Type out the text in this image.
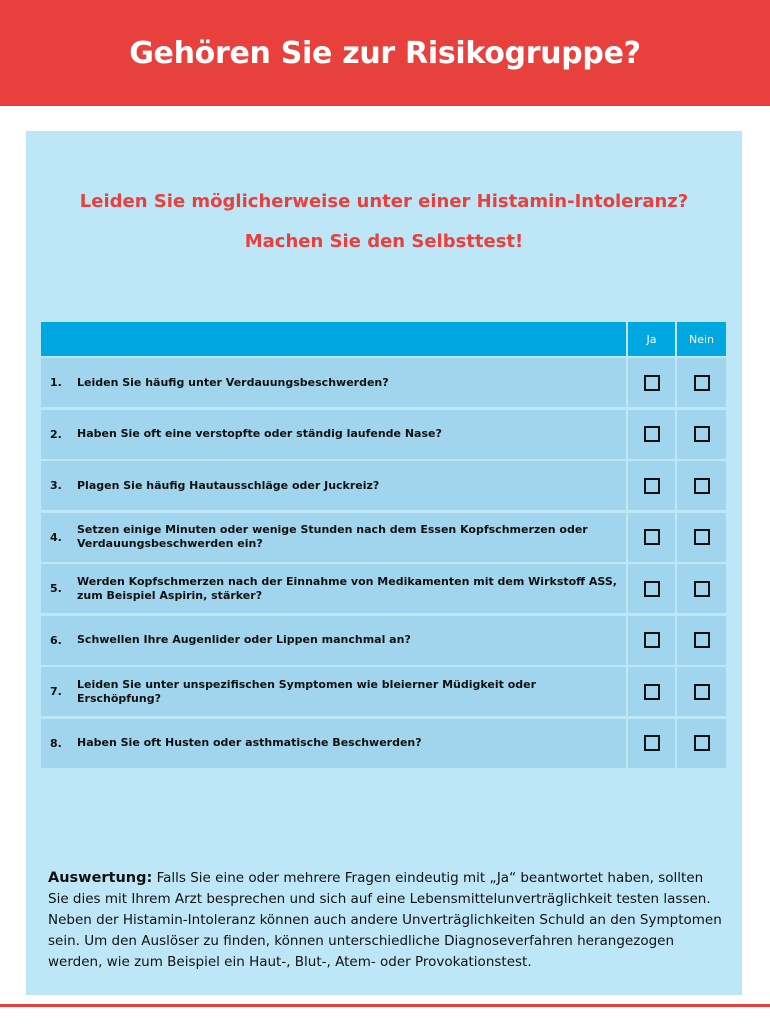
Gehören Sie zur Risikogruppe?

Leiden Sie möglicherweise unter einer Histamin-Intoleranz?

Machen Sie den Selbsttest!

Ja	Nein
1.	Leiden Sie häufig unter Verdauungsbeschwerden?
2.	Haben Sie oft eine verstopfte oder ständig laufende Nase?
3.	Plagen Sie häufig Hautausschläge oder Juckreiz?
4.
Setzen einige Minuten oder wenige Stunden nach dem Essen Kopfschmerzen oder Verdauungsbeschwerden ein?
5.
Werden Kopfschmerzen nach der Einnahme von Medikamenten mit dem Wirkstoff ASS, zum Beispiel Aspirin, stärker?
6.	Schwellen Ihre Augenlider oder Lippen manchmal an?
7.
Leiden Sie unter unspezifischen Symptomen wie bleierner Müdigkeit oder Erschöpfung?
8.	Haben Sie oft Husten oder asthmatische Beschwerden?
Auswertung: Falls Sie eine oder mehrere Fragen eindeutig mit „Ja“ beantwortet haben, sollten Sie dies mit Ihrem Arzt besprechen und sich auf eine Lebensmittelunverträglichkeit testen lassen. Neben der Histamin-Intoleranz können auch andere Unverträglichkeiten Schuld an den Symptomen sein. Um den Auslöser zu finden, können unterschiedliche Diagnoseverfahren herangezogen werden, wie zum Beispiel ein Haut-, Blut-, Atem- oder Provokationstest.
